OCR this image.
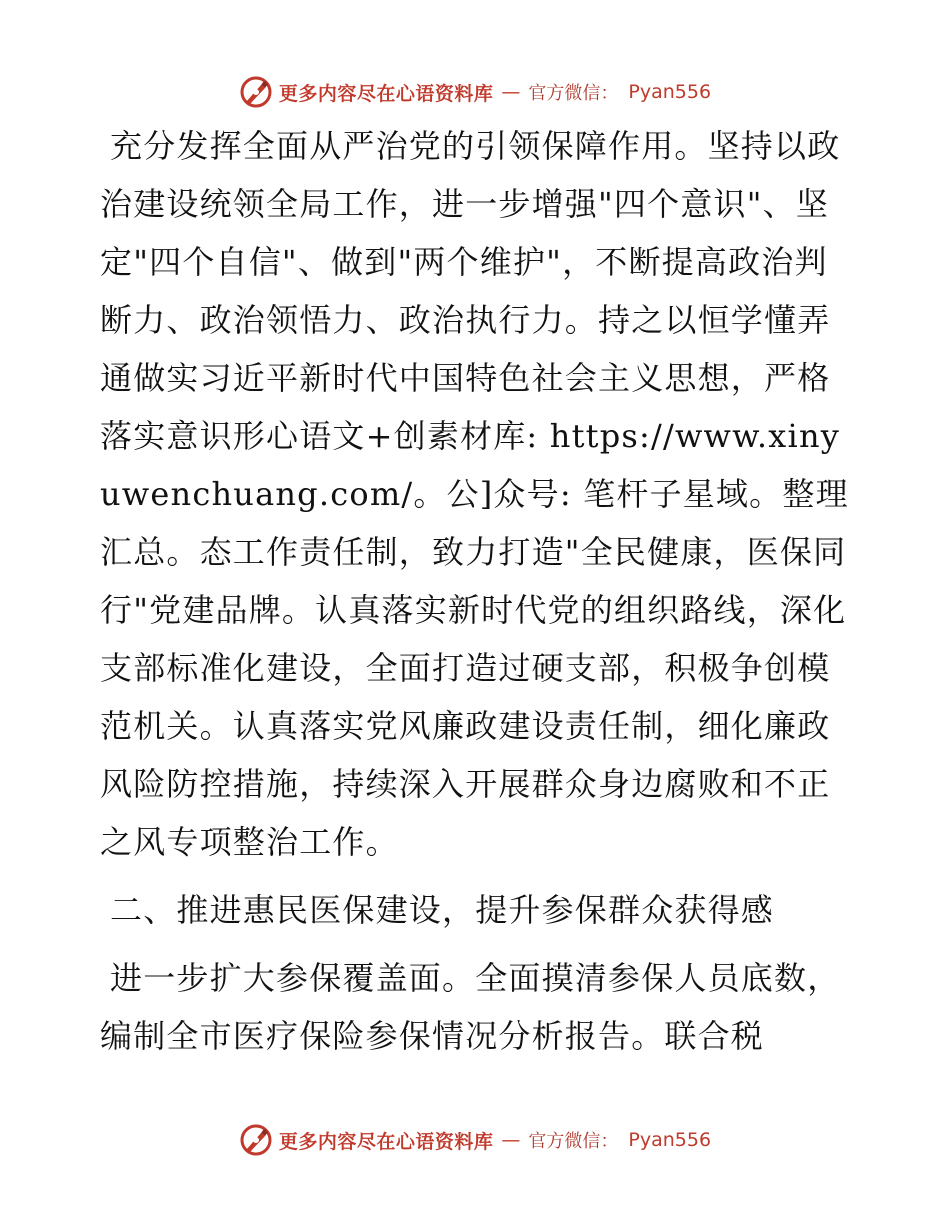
更多内容尽在心语资料库 — 官方微信： Pyan556

充分发挥全面从严治党的引领保障作用。坚持以政治建设统领全局工作，进一步增强"四个意识"、坚定"四个自信"、做到"两个维护"，不断提高政治判断力、政治领悟力、政治执行力。持之以恒学懂弄通做实习近平新时代中国特色社会主义思想，严格落实意识形心语文+创素材库: https://www.xinyuwenchuang.com/。公]众号: 笔杆子星域。整理汇总。态工作责任制，致力打造"全民健康，医保同行"党建品牌。认真落实新时代党的组织路线，深化支部标准化建设，全面打造过硬支部，积极争创模范机关。认真落实党风廉政建设责任制，细化廉政风险防控措施，持续深入开展群众身边腐败和不正之风专项整治工作。

二、推进惠民医保建设，提升参保群众获得感

进一步扩大参保覆盖面。全面摸清参保人员底数，编制全市医疗保险参保情况分析报告。联合税

更多内容尽在心语资料库 — 官方微信： Pyan556
